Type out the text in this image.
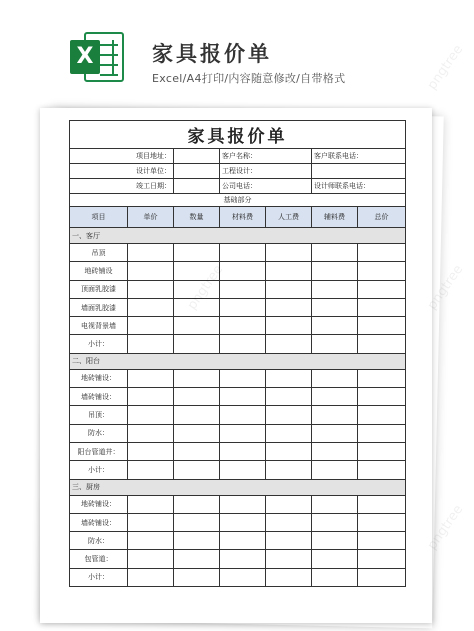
X	家具报价单
Excel/A4打印/内容随意修改/自带格式
家具报价单						
项目地址：			客户名称：		客户联系电话：	
设计单位：			工程设计：			
竣工日期：			公司电话：		设计师联系电话：	
基础部分						
项目	单价	数量	材料费	人工费	辅料费	总价
一、客厅						
吊顶						
地砖铺设						
顶面乳胶漆						
墙面乳胶漆						
电视背景墙						
小计：						
二、阳台						
地砖铺设：						
墙砖铺设：						
吊顶：						
防水：						
阳台管道井：						
小计：						
三、厨房						
地砖铺设：						
墙砖铺设：						
防水：						
包管道：						
小计：						
pngtree
pngtree
pngtree
